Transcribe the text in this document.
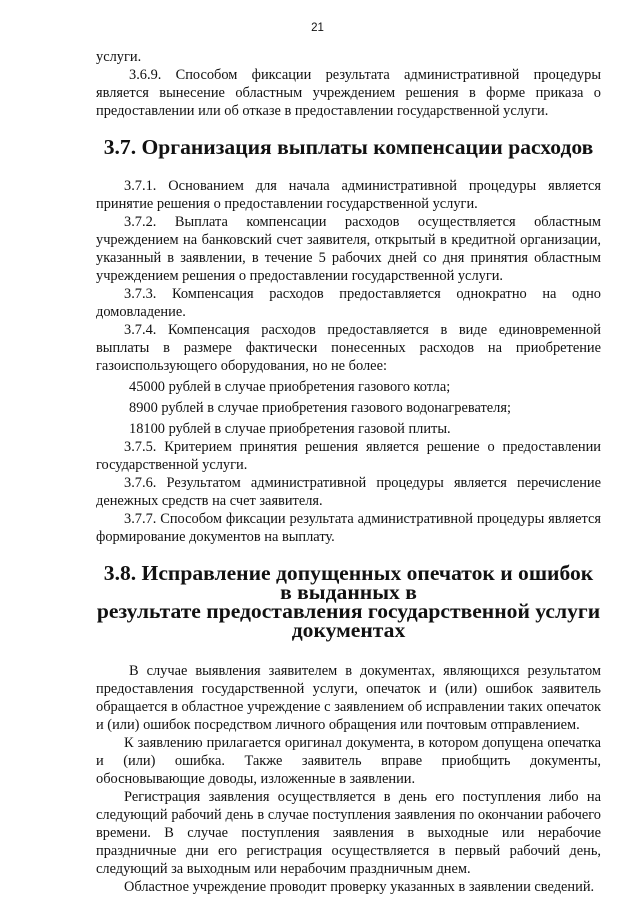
21

услуги.

3.6.9. Способом фиксации результата административной процедуры является вынесение областным учреждением решения в форме приказа о предоставлении или об отказе в предоставлении государственной услуги.

3.7. Организация выплаты компенсации расходов

3.7.1. Основанием для начала административной процедуры является принятие решения о предоставлении государственной услуги.

3.7.2. Выплата компенсации расходов осуществляется областным учреждением на банковский счет заявителя, открытый в кредитной организации, указанный в заявлении, в течение 5 рабочих дней со дня принятия областным учреждением решения о предоставлении государственной услуги.

3.7.3. Компенсация расходов предоставляется однократно на одно домовладение.

3.7.4. Компенсация расходов предоставляется в виде единовременной выплаты в размере фактически понесенных расходов на приобретение газоиспользующего оборудования, но не более:

45000 рублей в случае приобретения газового котла;

8900 рублей в случае приобретения газового водонагревателя;

18100 рублей в случае приобретения газовой плиты.

3.7.5. Критерием принятия решения является решение о предоставлении государственной услуги.

3.7.6. Результатом административной процедуры является перечисление денежных средств на счет заявителя.

3.7.7. Способом фиксации результата административной процедуры является формирование документов на выплату.

3.8. Исправление допущенных опечаток и ошибок в выданных в
результате предоставления государственной услуги документах

В случае выявления заявителем в документах, являющихся результатом предоставления государственной услуги, опечаток и (или) ошибок заявитель обращается в областное учреждение с заявлением об исправлении таких опечаток и (или) ошибок посредством личного обращения или почтовым отправлением.

К заявлению прилагается оригинал документа, в котором допущена опечатка и (или) ошибка. Также заявитель вправе приобщить документы, обосновывающие доводы, изложенные в заявлении.

Регистрация заявления осуществляется в день его поступления либо на следующий рабочий день в случае поступления заявления по окончании рабочего времени. В случае поступления заявления в выходные или нерабочие праздничные дни его регистрация осуществляется в первый рабочий день, следующий за выходным или нерабочим праздничным днем.

Областное учреждение проводит проверку указанных в заявлении сведений.
